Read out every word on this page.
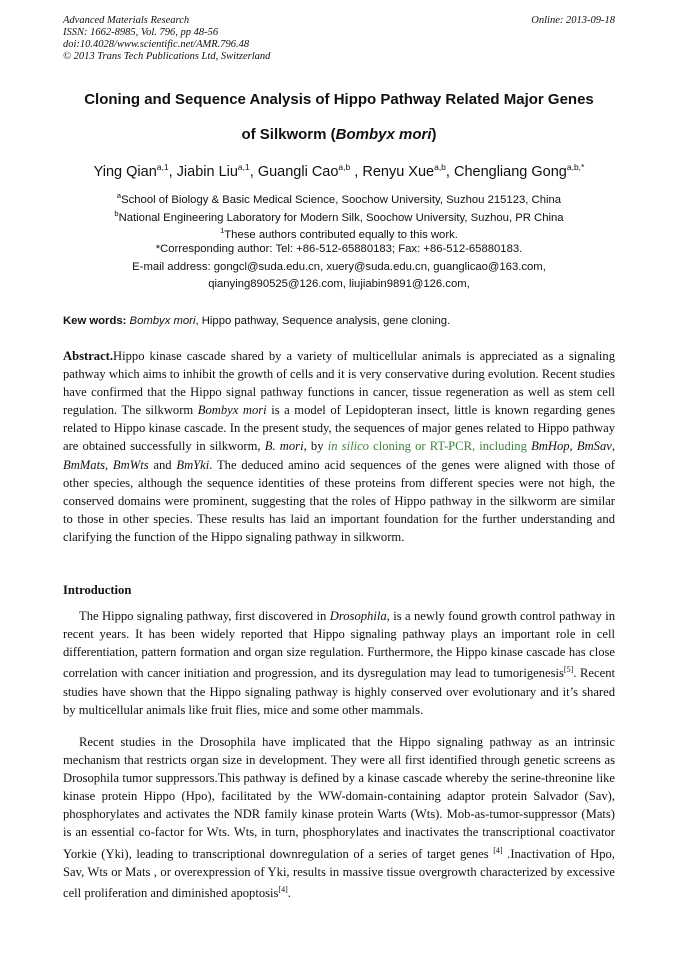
Advanced Materials Research
ISSN: 1662-8985, Vol. 796, pp 48-56
doi:10.4028/www.scientific.net/AMR.796.48
© 2013 Trans Tech Publications Ltd, Switzerland
Online: 2013-09-18
Cloning and Sequence Analysis of Hippo Pathway Related Major Genes
of Silkworm (Bombyx mori)
Ying Qian$^{a,1}$, Jiabin Liu$^{a,1}$, Guangli Cao$^{a,b}$ , Renyu Xue$^{a,b}$, Chengliang Gong$^{a,b,*}$
$^a$School of Biology & Basic Medical Science, Soochow University, Suzhou 215123, China
$^b$National Engineering Laboratory for Modern Silk, Soochow University, Suzhou, PR China
$^1$These authors contributed equally to this work.
*Corresponding author: Tel: +86-512-65880183; Fax: +86-512-65880183.
E-mail address: gongcl@suda.edu.cn, xuery@suda.edu.cn, guanglicao@163.com,
qianying890525@126.com, liujiabin9891@126.com,
Kew words: Bombyx mori, Hippo pathway, Sequence analysis, gene cloning.
Abstract.Hippo kinase cascade shared by a variety of multicellular animals is appreciated as a signaling pathway which aims to inhibit the growth of cells and it is very conservative during evolution. Recent studies have confirmed that the Hippo signal pathway functions in cancer, tissue regeneration as well as stem cell regulation. The silkworm Bombyx mori is a model of Lepidopteran insect, little is known regarding genes related to Hippo kinase cascade. In the present study, the sequences of major genes related to Hippo pathway are obtained successfully in silkworm, B. mori, by in silico cloning or RT-PCR, including BmHop, BmSav, BmMats, BmWts and BmYki. The deduced amino acid sequences of the genes were aligned with those of other species, although the sequence identities of these proteins from different species were not high, the conserved domains were prominent, suggesting that the roles of Hippo pathway in the silkworm are similar to those in other species. These results has laid an important foundation for the further understanding and clarifying the function of the Hippo signaling pathway in silkworm.
Introduction
The Hippo signaling pathway, first discovered in Drosophila, is a newly found growth control pathway in recent years. It has been widely reported that Hippo signaling pathway plays an important role in cell differentiation, pattern formation and organ size regulation. Furthermore, the Hippo kinase cascade has close correlation with cancer initiation and progression, and its dysregulation may lead to tumorigenesis[5]. Recent studies have shown that the Hippo signaling pathway is highly conserved over evolutionary and it’s shared by multicellular animals like fruit flies, mice and some other mammals.
Recent studies in the Drosophila have implicated that the Hippo signaling pathway as an intrinsic mechanism that restricts organ size in development. They were all first identified through genetic screens as Drosophila tumor suppressors.This pathway is defined by a kinase cascade whereby the serine-threonine like kinase protein Hippo (Hpo), facilitated by the WW-domain-containing adaptor protein Salvador (Sav), phosphorylates and activates the NDR family kinase protein Warts (Wts). Mob-as-tumor-suppressor (Mats) is an essential co-factor for Wts. Wts, in turn, phosphorylates and inactivates the transcriptional coactivator Yorkie (Yki), leading to transcriptional downregulation of a series of target genes [4] .Inactivation of Hpo, Sav, Wts or Mats , or overexpression of Yki, results in massive tissue overgrowth characterized by excessive cell proliferation and diminished apoptosis[4].
